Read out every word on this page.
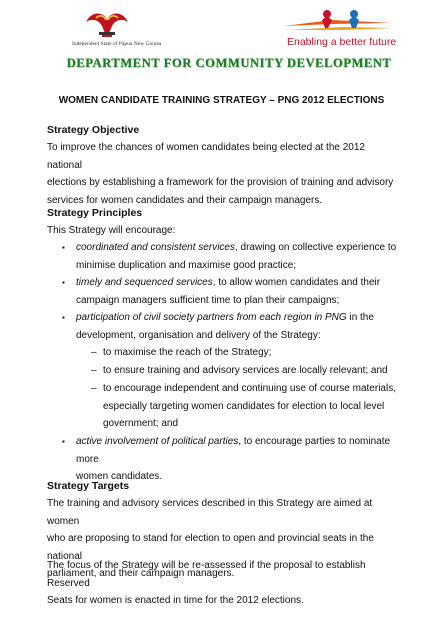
Independent State of Papua New Guinea	Enabling a better future
DEPARTMENT FOR COMMUNITY DEVELOPMENT
WOMEN CANDIDATE TRAINING STRATEGY – PNG 2012 ELECTIONS
Strategy Objective

To improve the chances of women candidates being elected at the 2012 national
elections by establishing a framework for the provision of training and advisory
services for women candidates and their campaign managers.

Strategy Principles

This Strategy will encourage:

▪ coordinated and consistent services, drawing on collective experience to
minimise duplication and maximise good practice;

▪ timely and sequenced services, to allow women candidates and their
campaign managers sufficient time to plan their campaigns;

▪ participation of civil society partners from each region in PNG in the
development, organisation and delivery of the Strategy:

– to maximise the reach of the Strategy;

– to ensure training and advisory services are locally relevant; and

– to encourage independent and continuing use of course materials,
especially targeting women candidates for election to local level
government; and

▪ active involvement of political parties, to encourage parties to nominate more
women candidates.

Strategy Targets

The training and advisory services described in this Strategy are aimed at women
who are proposing to stand for election to open and provincial seats in the national
parliament, and their campaign managers.

The focus of the Strategy will be re-assessed if the proposal to establish Reserved
Seats for women is enacted in time for the 2012 elections.
